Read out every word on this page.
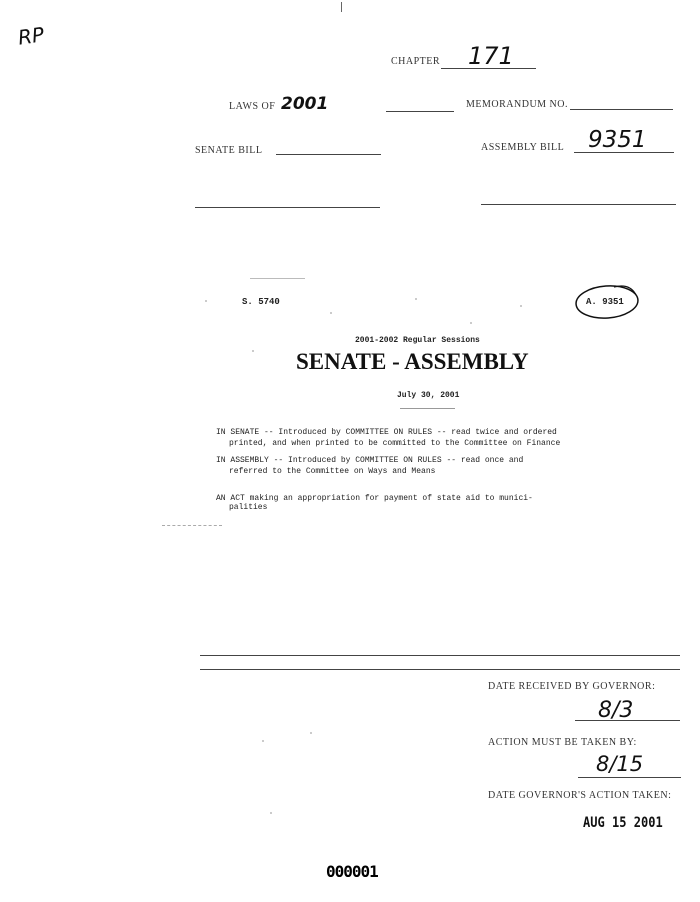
RP
CHAPTER 171
LAWS OF 2001	MEMORANDUM NO.
SENATE BILL	ASSEMBLY BILL 9351
S. 5740	A. 9351
2001-2002 Regular Sessions
SENATE - ASSEMBLY
July 30, 2001
IN SENATE -- Introduced by COMMITTEE ON RULES -- read twice and ordered
printed, and when printed to be committed to the Committee on Finance
IN ASSEMBLY -- Introduced by COMMITTEE ON RULES -- read once and
referred to the Committee on Ways and Means
AN ACT making an appropriation for payment of state aid to munici-
palities
DATE RECEIVED BY GOVERNOR:
8/3
ACTION MUST BE TAKEN BY:
8/15
DATE GOVERNOR'S ACTION TAKEN:
AUG 15 2001
000001
